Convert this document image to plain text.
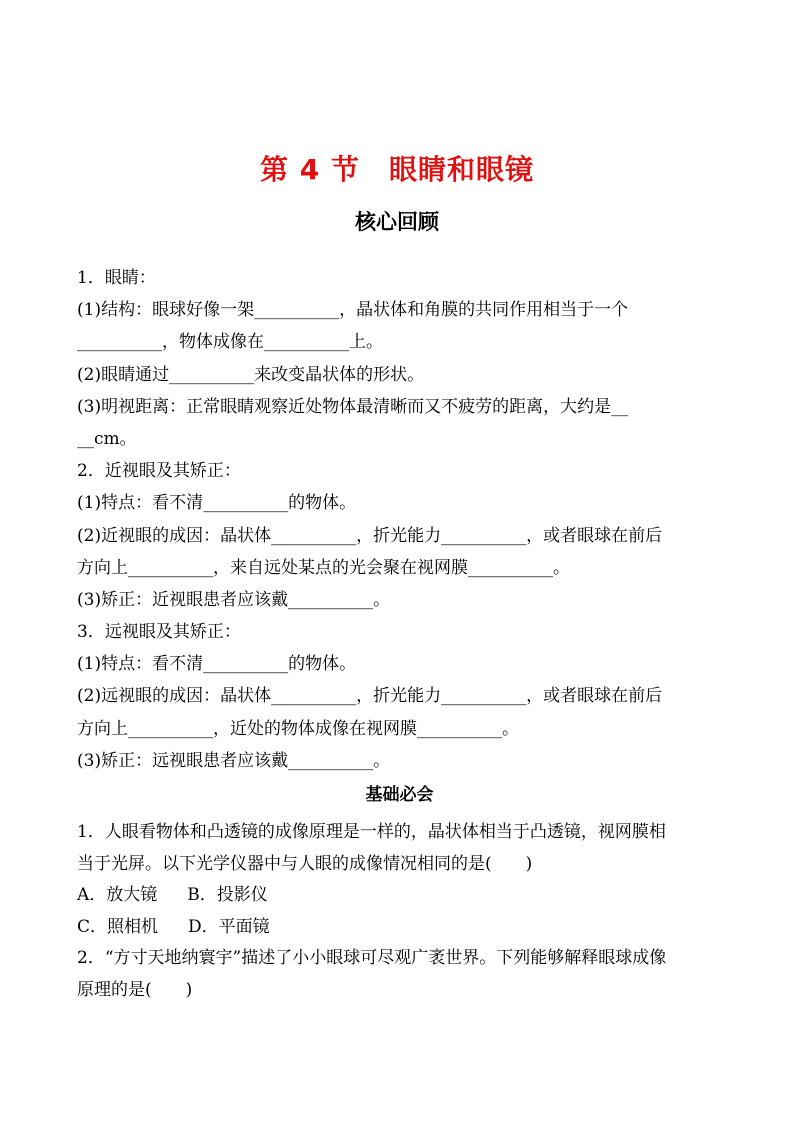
第 4 节　眼睛和眼镜
核心回顾
1．眼睛：
(1)结构：眼球好像一架__________，晶状体和角膜的共同作用相当于一个
__________，物体成像在__________上。
(2)眼睛通过__________来改变晶状体的形状。
(3)明视距离：正常眼睛观察近处物体最清晰而又不疲劳的距离，大约是__
__cm。
2．近视眼及其矫正：
(1)特点：看不清__________的物体。
(2)近视眼的成因：晶状体__________，折光能力__________，或者眼球在前后
方向上__________，来自远处某点的光会聚在视网膜__________。
(3)矫正：近视眼患者应该戴__________。
3．远视眼及其矫正：
(1)特点：看不清__________的物体。
(2)远视眼的成因：晶状体__________，折光能力__________，或者眼球在前后
方向上__________，近处的物体成像在视网膜__________。
(3)矫正：远视眼患者应该戴__________。
基础必会
1．人眼看物体和凸透镜的成像原理是一样的，晶状体相当于凸透镜，视网膜相
当于光屏。以下光学仪器中与人眼的成像情况相同的是(　　)
A．放大镜 B．投影仪
C．照相机 D．平面镜
2．“方寸天地纳寰宇”描述了小小眼球可尽观广袤世界。下列能够解释眼球成像
原理的是(　　)
